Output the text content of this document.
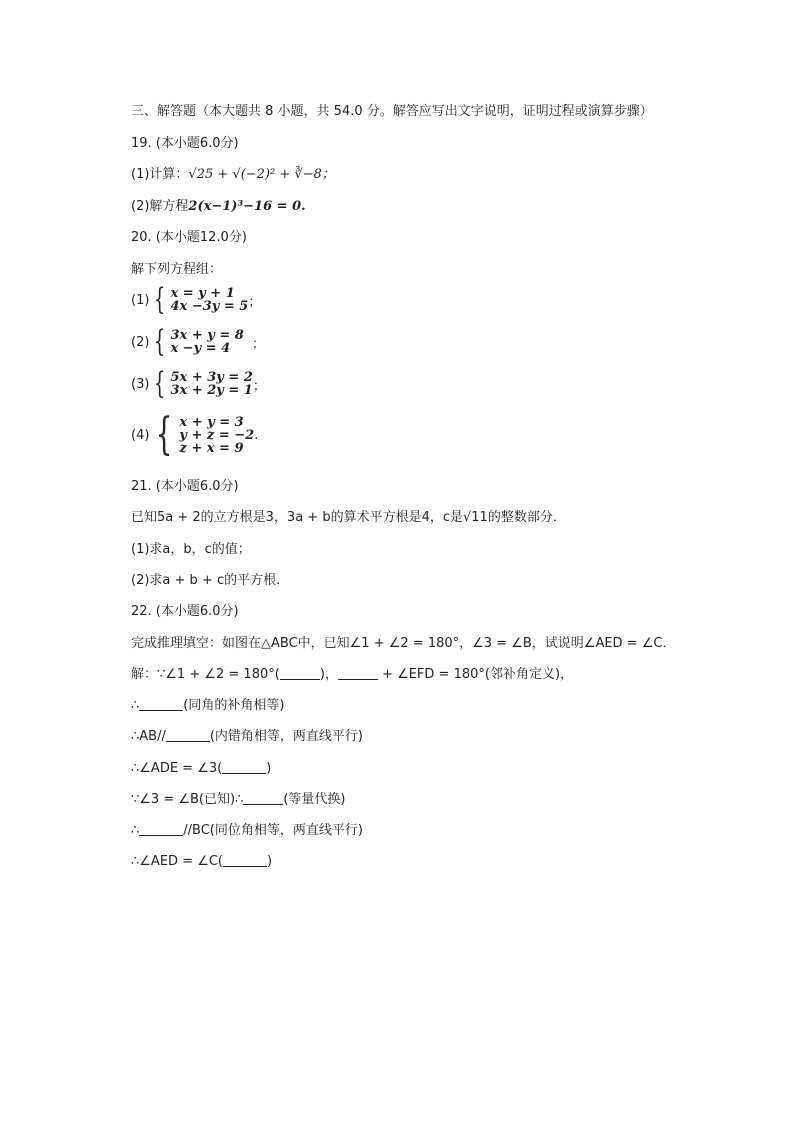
三、解答题（本大题共 8 小题，共 54.0 分。解答应写出文字说明，证明过程或演算步骤）
19. (本小题6.0分)
(1)计算：√25 + √(−2)² + ∛−8；
(2)解方程2(x−1)³−16 = 0.
20. (本小题12.0分)
解下列方程组：
(1) { x = y + 1
4x −3y = 5 ；
(2) { 3x + y = 8
x −y = 4	；
(3) { 5x + 3y = 2
3x + 2y = 1 ；
(4) { x + y = 3
y + z = −2
z + x = 9
.
21. (本小题6.0分)
已知5a + 2的立方根是3，3a + b的算术平方根是4，c是√11的整数部分．
(1)求a，b，c的值；
(2)求a + b + c的平方根．
22. (本小题6.0分)
完成推理填空：如图在△ABC中，已知∠1 + ∠2 = 180°，∠3 = ∠B，试说明∠AED = ∠C．
解：∵∠1 + ∠2 = 180°(	)，	+ ∠EFD = 180°(邻补角定义)，
∴	(同角的补角相等)
∴AB//	(内错角相等，两直线平行)
∴∠ADE = ∠3(	)
∵∠3 = ∠B(已知)∴	(等量代换)
∴	//BC(同位角相等，两直线平行)
∴∠AED = ∠C(	)
